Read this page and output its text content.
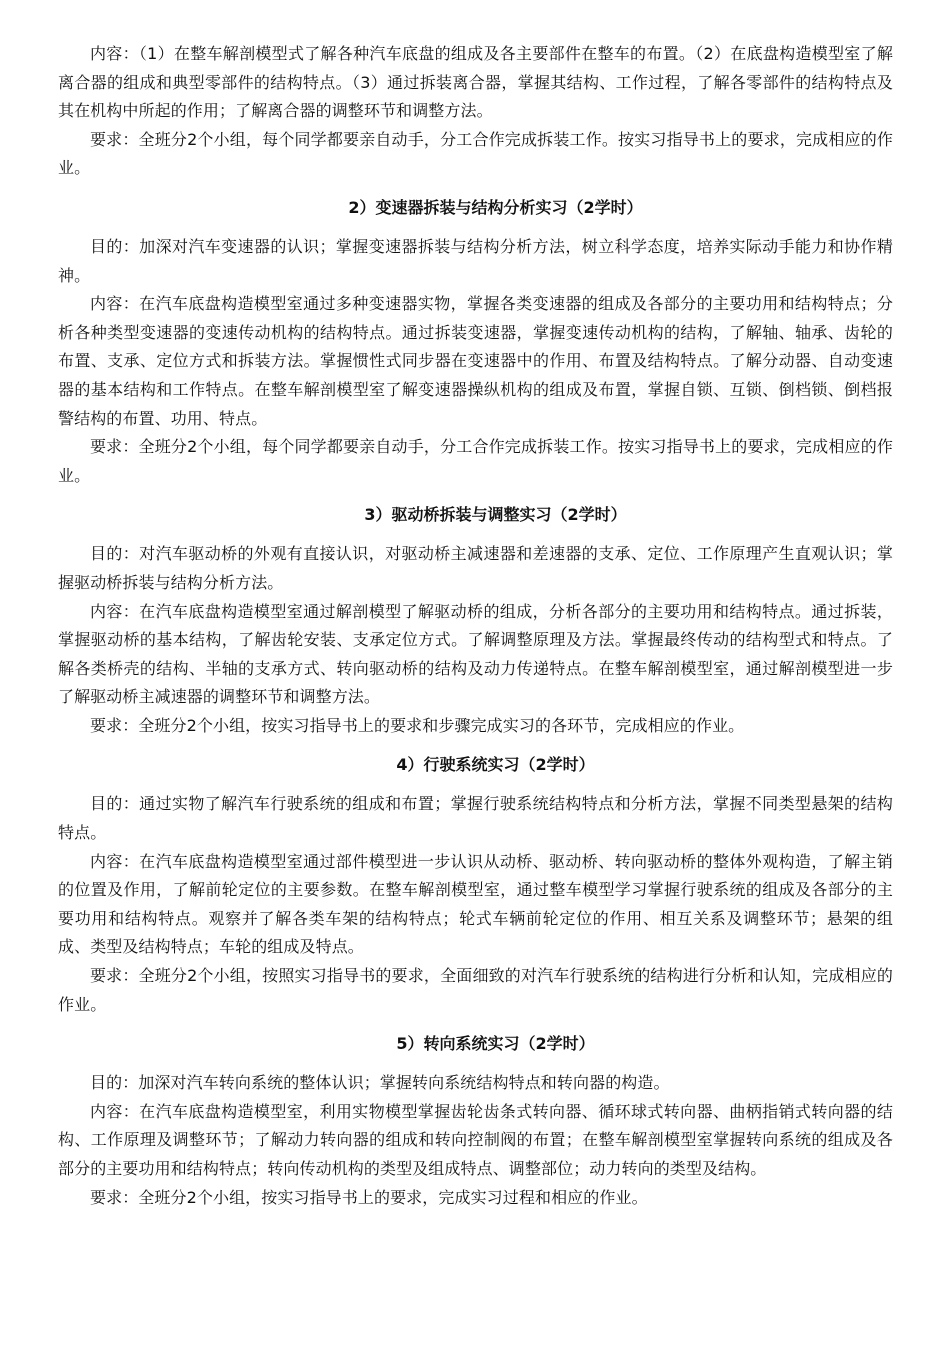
内容：（1）在整车解剖模型式了解各种汽车底盘的组成及各主要部件在整车的布置。（2）在底盘构造模型室了解离合器的组成和典型零部件的结构特点。（3）通过拆装离合器，掌握其结构、工作过程，了解各零部件的结构特点及其在机构中所起的作用；了解离合器的调整环节和调整方法。

要求：全班分2个小组，每个同学都要亲自动手，分工合作完成拆装工作。按实习指导书上的要求，完成相应的作业。

2）变速器拆装与结构分析实习（2学时）

目的：加深对汽车变速器的认识；掌握变速器拆装与结构分析方法，树立科学态度，培养实际动手能力和协作精神。

内容：在汽车底盘构造模型室通过多种变速器实物，掌握各类变速器的组成及各部分的主要功用和结构特点；分析各种类型变速器的变速传动机构的结构特点。通过拆装变速器，掌握变速传动机构的结构，了解轴、轴承、齿轮的布置、支承、定位方式和拆装方法。掌握惯性式同步器在变速器中的作用、布置及结构特点。了解分动器、自动变速器的基本结构和工作特点。在整车解剖模型室了解变速器操纵机构的组成及布置，掌握自锁、互锁、倒档锁、倒档报警结构的布置、功用、特点。

要求：全班分2个小组，每个同学都要亲自动手，分工合作完成拆装工作。按实习指导书上的要求，完成相应的作业。

3）驱动桥拆装与调整实习（2学时）

目的：对汽车驱动桥的外观有直接认识，对驱动桥主减速器和差速器的支承、定位、工作原理产生直观认识；掌握驱动桥拆装与结构分析方法。

内容：在汽车底盘构造模型室通过解剖模型了解驱动桥的组成，分析各部分的主要功用和结构特点。通过拆装，掌握驱动桥的基本结构，了解齿轮安装、支承定位方式。了解调整原理及方法。掌握最终传动的结构型式和特点。了解各类桥壳的结构、半轴的支承方式、转向驱动桥的结构及动力传递特点。在整车解剖模型室，通过解剖模型进一步了解驱动桥主减速器的调整环节和调整方法。

要求：全班分2个小组，按实习指导书上的要求和步骤完成实习的各环节，完成相应的作业。

4）行驶系统实习（2学时）

目的：通过实物了解汽车行驶系统的组成和布置；掌握行驶系统结构特点和分析方法，掌握不同类型悬架的结构特点。

内容：在汽车底盘构造模型室通过部件模型进一步认识从动桥、驱动桥、转向驱动桥的整体外观构造，了解主销的位置及作用，了解前轮定位的主要参数。在整车解剖模型室，通过整车模型学习掌握行驶系统的组成及各部分的主要功用和结构特点。观察并了解各类车架的结构特点；轮式车辆前轮定位的作用、相互关系及调整环节；悬架的组成、类型及结构特点；车轮的组成及特点。

要求：全班分2个小组，按照实习指导书的要求，全面细致的对汽车行驶系统的结构进行分析和认知，完成相应的作业。

5）转向系统实习（2学时）

目的：加深对汽车转向系统的整体认识；掌握转向系统结构特点和转向器的构造。

内容：在汽车底盘构造模型室，利用实物模型掌握齿轮齿条式转向器、循环球式转向器、曲柄指销式转向器的结构、工作原理及调整环节；了解动力转向器的组成和转向控制阀的布置；在整车解剖模型室掌握转向系统的组成及各部分的主要功用和结构特点；转向传动机构的类型及组成特点、调整部位；动力转向的类型及结构。

要求：全班分2个小组，按实习指导书上的要求，完成实习过程和相应的作业。
